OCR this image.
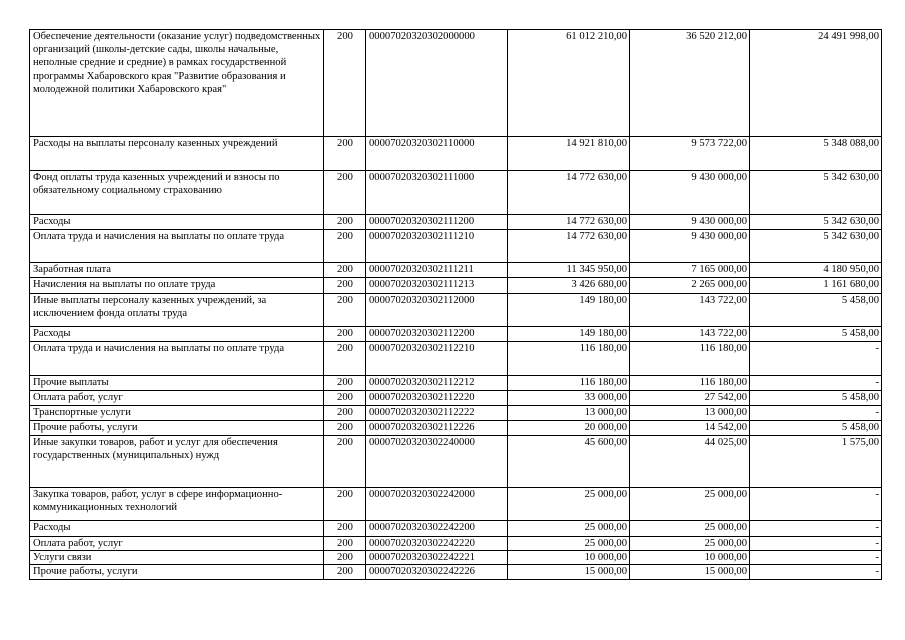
Обеспечение деятельности (оказание услуг) подведомственных организаций (школы-детские сады, школы начальные, неполные средние и средние) в рамках государственной программы Хабаровского края "Развитие образования и молодежной политики Хабаровского края"	200	00007020320302000000	61 012 210,00	36 520 212,00	24 491 998,00
Расходы на выплаты персоналу казенных учреждений	200	00007020320302110000	14 921 810,00	9 573 722,00	5 348 088,00
Фонд оплаты труда казенных учреждений и взносы по обязательному социальному страхованию	200	00007020320302111000	14 772 630,00	9 430 000,00	5 342 630,00
Расходы	200	00007020320302111200	14 772 630,00	9 430 000,00	5 342 630,00
Оплата труда и начисления на выплаты по оплате труда	200	00007020320302111210	14 772 630,00	9 430 000,00	5 342 630,00
Заработная плата	200	00007020320302111211	11 345 950,00	7 165 000,00	4 180 950,00
Начисления на выплаты по оплате труда	200	00007020320302111213	3 426 680,00	2 265 000,00	1 161 680,00
Иные выплаты персоналу казенных учреждений, за исключением фонда оплаты труда	200	00007020320302112000	149 180,00	143 722,00	5 458,00
Расходы	200	00007020320302112200	149 180,00	143 722,00	5 458,00
Оплата труда и начисления на выплаты по оплате труда	200	00007020320302112210	116 180,00	116 180,00	-
Прочие выплаты	200	00007020320302112212	116 180,00	116 180,00	-
Оплата работ, услуг	200	00007020320302112220	33 000,00	27 542,00	5 458,00
Транспортные услуги	200	00007020320302112222	13 000,00	13 000,00	-
Прочие работы, услуги	200	00007020320302112226	20 000,00	14 542,00	5 458,00
Иные закупки товаров, работ и услуг для обеспечения государственных (муниципальных) нужд	200	00007020320302240000	45 600,00	44 025,00	1 575,00
Закупка товаров, работ, услуг в сфере информационно-коммуникационных технологий	200	00007020320302242000	25 000,00	25 000,00	-
Расходы	200	00007020320302242200	25 000,00	25 000,00	-
Оплата работ, услуг	200	00007020320302242220	25 000,00	25 000,00	-
Услуги связи	200	00007020320302242221	10 000,00	10 000,00	-
Прочие работы, услуги	200	00007020320302242226	15 000,00	15 000,00	-
